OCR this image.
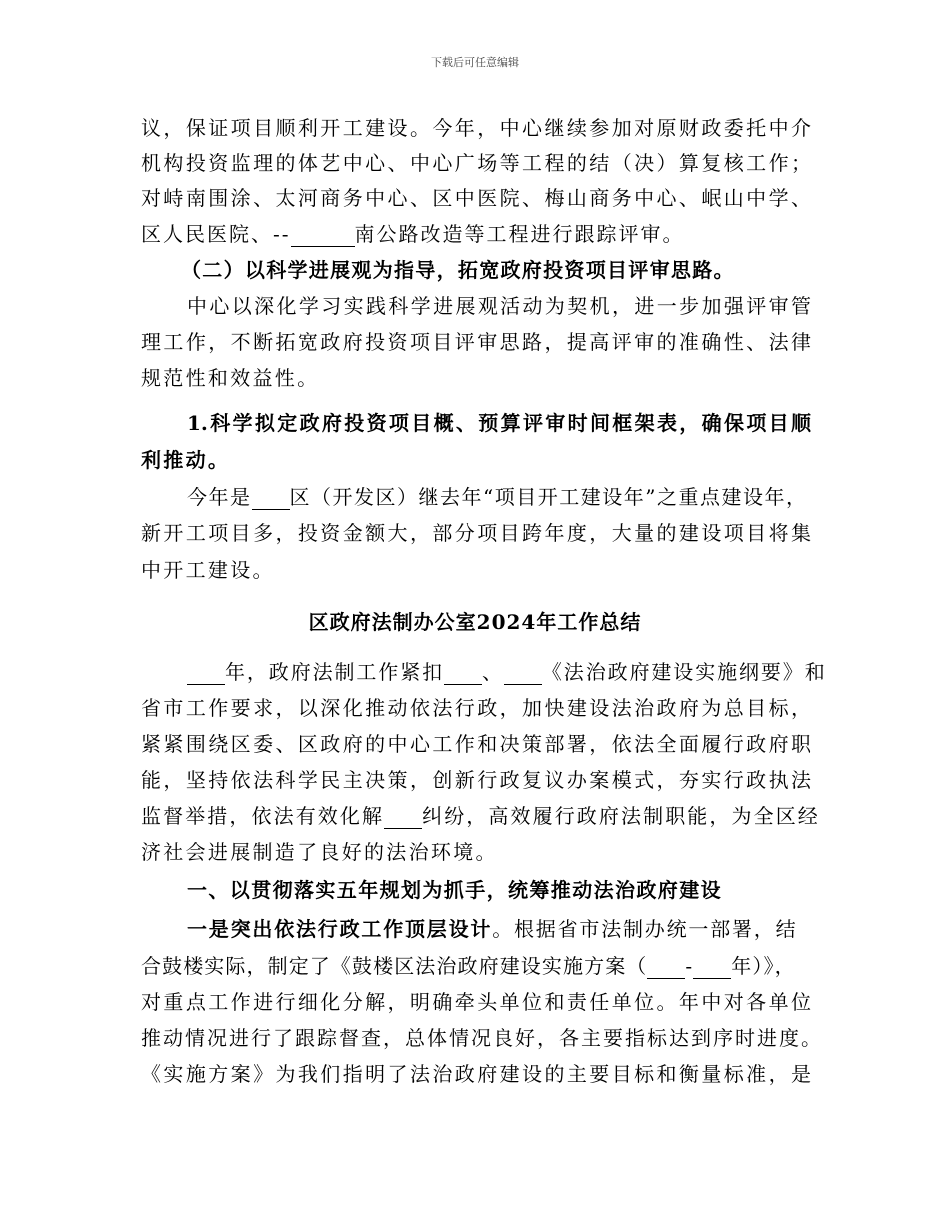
下载后可任意编辑
议，保证项目顺利开工建设。今年，中心继续参加对原财政委托中介
机构投资监理的体艺中心、中心广场等工程的结（决）算复核工作；
对峙南围涂、太河商务中心、区中医院、梅山商务中心、岷山中学、
区人民医院、--	南公路改造等工程进行跟踪评审。
（二）以科学进展观为指导，拓宽政府投资项目评审思路。
中心以深化学习实践科学进展观活动为契机，进一步加强评审管
理工作，不断拓宽政府投资项目评审思路，提高评审的准确性、法律
规范性和效益性。
1.科学拟定政府投资项目概、预算评审时间框架表，确保项目顺
利推动。
今年是 区（开发区）继去年“项目开工建设年”之重点建设年，
新开工项目多，投资金额大，部分项目跨年度，大量的建设项目将集
中开工建设。
区政府法制办公室2024年工作总结
年，政府法制工作紧扣 、 《法治政府建设实施纲要》和
省市工作要求，以深化推动依法行政，加快建设法治政府为总目标，
紧紧围绕区委、区政府的中心工作和决策部署，依法全面履行政府职
能，坚持依法科学民主决策，创新行政复议办案模式，夯实行政执法
监督举措，依法有效化解 纠纷，高效履行政府法制职能，为全区经
济社会进展制造了良好的法治环境。
一、以贯彻落实五年规划为抓手，统筹推动法治政府建设
一是突出依法行政工作顶层设计。根据省市法制办统一部署，结
合鼓楼实际，制定了《鼓楼区法治政府建设实施方案（ - 年）》，
对重点工作进行细化分解，明确牵头单位和责任单位。年中对各单位
推动情况进行了跟踪督查，总体情况良好，各主要指标达到序时进度。
《实施方案》为我们指明了法治政府建设的主要目标和衡量标准，是
